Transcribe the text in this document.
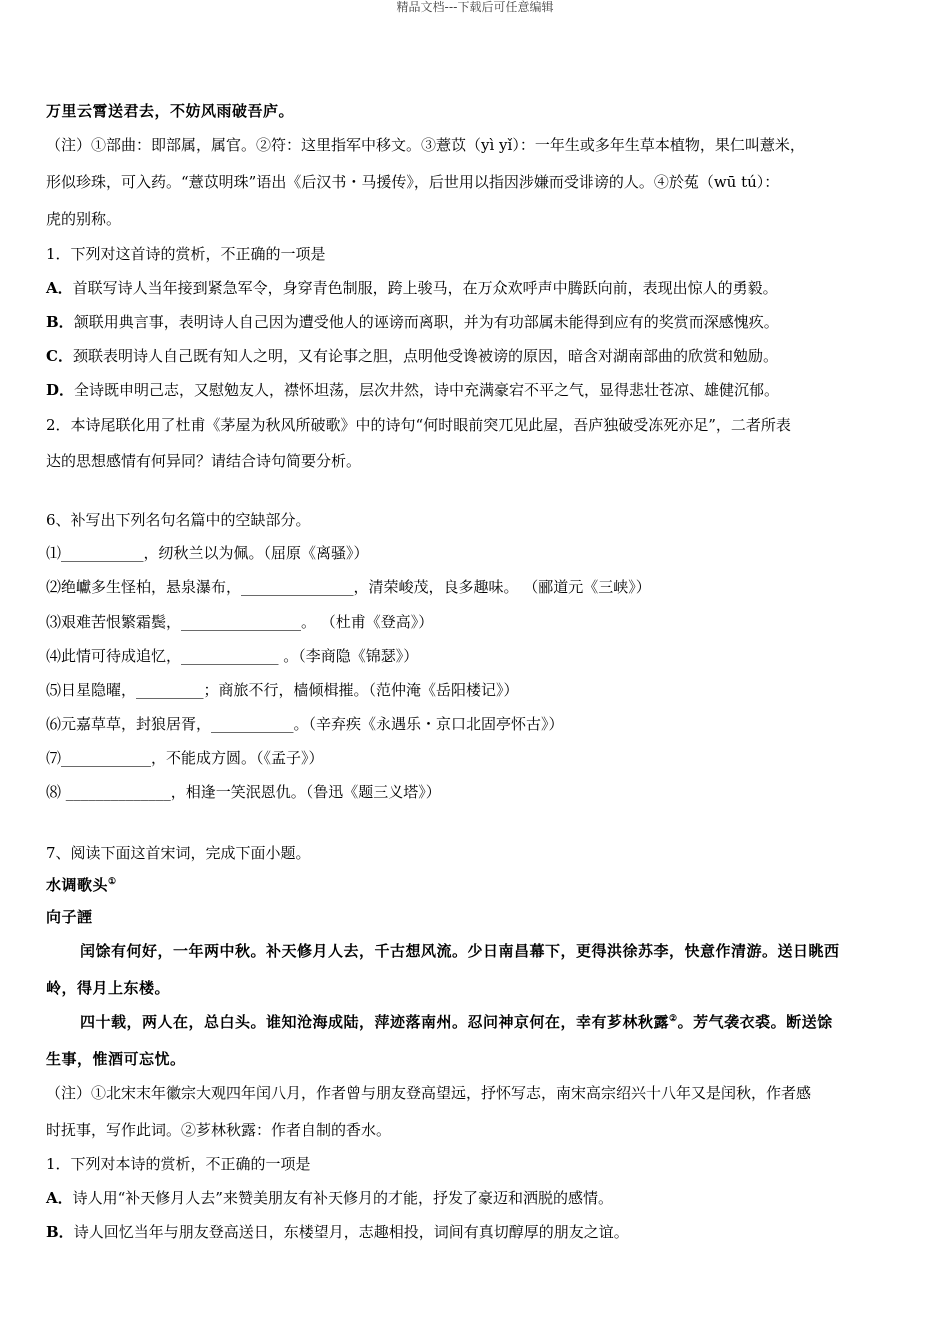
精品文档---下载后可任意编辑
万里云霄送君去，不妨风雨破吾庐。
（注）①部曲：即部属，属官。②符：这里指军中移文。③薏苡（yì yǐ）：一年生或多年生草本植物，果仁叫薏米，
形似珍珠，可入药。“薏苡明珠”语出《后汉书・马援传》，后世用以指因涉嫌而受诽谤的人。④於菟（wū tú）：
虎的别称。
1．下列对这首诗的赏析，不正确的一项是
A．首联写诗人当年接到紧急军令，身穿青色制服，跨上骏马，在万众欢呼声中腾跃向前，表现出惊人的勇毅。
B．颔联用典言事，表明诗人自己因为遭受他人的诬谤而离职，并为有功部属未能得到应有的奖赏而深感愧疚。
C．颈联表明诗人自己既有知人之明，又有论事之胆，点明他受谗被谤的原因，暗含对湖南部曲的欣赏和勉励。
D．全诗既申明己志，又慰勉友人，襟怀坦荡，层次井然，诗中充满豪宕不平之气，显得悲壮苍凉、雄健沉郁。
2．本诗尾联化用了杜甫《茅屋为秋风所破歌》中的诗句“何时眼前突兀见此屋，吾庐独破受冻死亦足”，二者所表
达的思想感情有何异同？请结合诗句简要分析。
6、补写出下列名句名篇中的空缺部分。
⑴___________，纫秋兰以为佩。（屈原《离骚》）
⑵绝巘多生怪柏，悬泉瀑布，_______________，清荣峻茂，良多趣味。 （郦道元《三峡》）
⑶艰难苦恨繁霜鬓，________________。 （杜甫《登高》）
⑷此情可待成追忆，_____________ 。（李商隐《锦瑟》）
⑸日星隐曜，_________；商旅不行，樯倾楫摧。（范仲淹《岳阳楼记》）
⑹元嘉草草，封狼居胥，___________。（辛弃疾《永遇乐・京口北固亭怀古》）
⑺____________，不能成方圆。（《孟子》）
⑻ ______________，相逢一笑泯恩仇。（鲁迅《题三义塔》）
7、阅读下面这首宋词，完成下面小题。
水调歌头①
向子諲
闰馀有何好，一年两中秋。补天修月人去，千古想风流。少日南昌幕下，更得洪徐苏李，快意作清游。送日眺西
岭，得月上东楼。
四十载，两人在，总白头。谁知沧海成陆，萍迹落南州。忍问神京何在，幸有芗林秋露②。芳气袭衣裘。断送馀
生事，惟酒可忘忧。
（注）①北宋末年徽宗大观四年闰八月，作者曾与朋友登高望远，抒怀写志，南宋高宗绍兴十八年又是闰秋，作者感
时抚事，写作此词。②芗林秋露：作者自制的香水。
1．下列对本诗的赏析，不正确的一项是
A．诗人用“补天修月人去”来赞美朋友有补天修月的才能，抒发了豪迈和洒脱的感情。
B．诗人回忆当年与朋友登高送日，东楼望月，志趣相投，词间有真切醇厚的朋友之谊。
